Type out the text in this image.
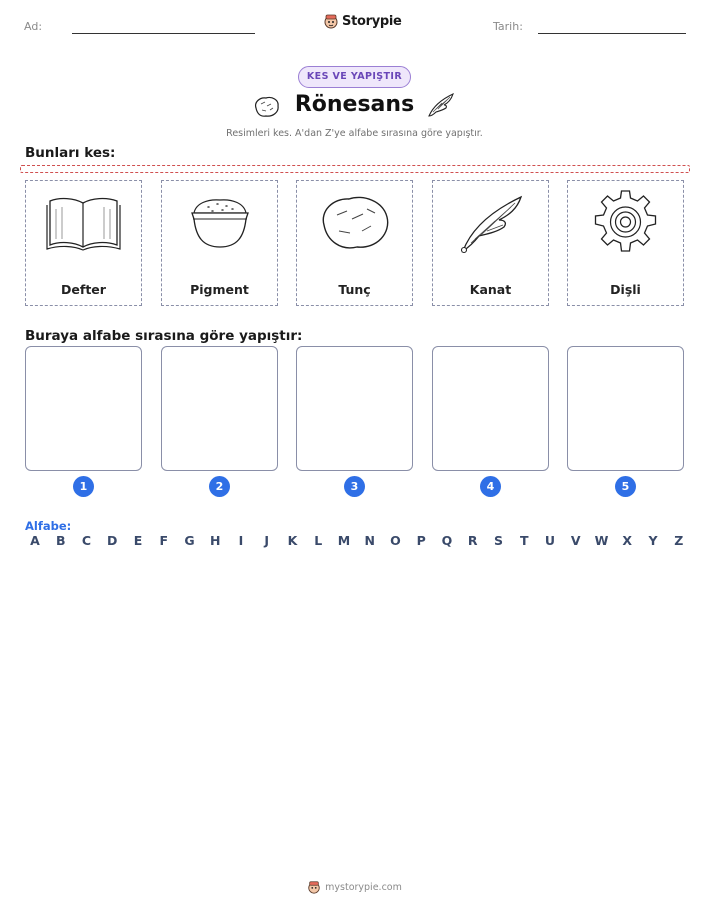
Ad:	Storypie	Tarih:
KES VE YAPIŞTIR
Rönesans
Resimleri kes. A'dan Z'ye alfabe sırasına göre yapıştır.
Bunları kes:
Defter	Pigment	Tunç	Kanat	Dişli
Buraya alfabe sırasına göre yapıştır:
1	2	3	4	5
Alfabe:
A B C D E F G H	I	J	K	L	M N O P Q R S T U V W X Y Z
mystorypie.com
